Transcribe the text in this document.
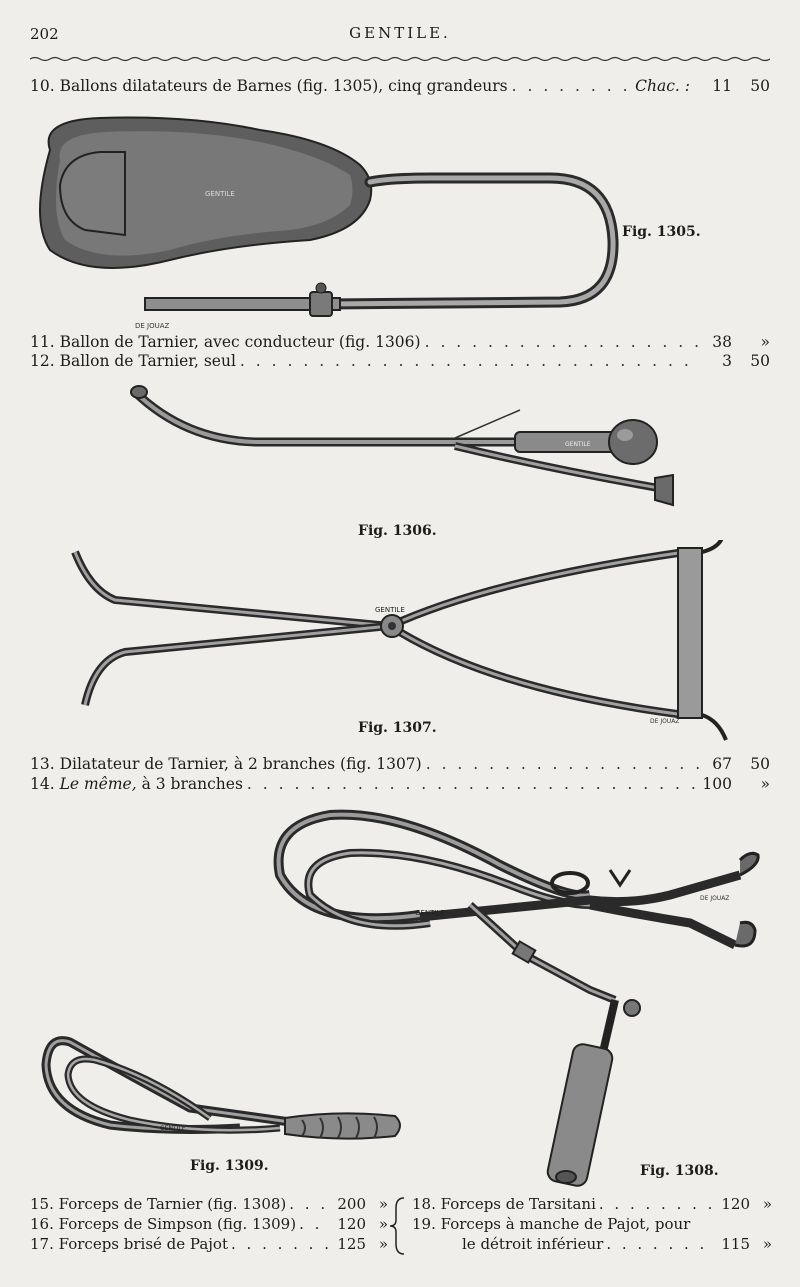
202	GENTILE.
10. Ballons dilatateurs de Barnes (fig. 1305), cinq grandeurs . . .	Chac. :	11	50
GENTILE
DE JOUAZ
Fig. 1305.
11. Ballon de Tarnier, avec conducteur (fig. 1306) . . .	38	»
12. Ballon de Tarnier, seul . . .	3	50
GENTILE
Fig. 1306.
GENTILE
DE JOUAZ
Fig. 1307.
13. Dilatateur de Tarnier, à 2 branches (fig. 1307) . . .	67	50
14. Le même, à 3 branches . . .	100	»
GENTILE
DE JOUAZ
Fig. 1308.
GENTILE
Fig. 1309.
15. Forceps de Tarnier (fig. 1308) . . .	200 »
16. Forceps de Simpson (fig. 1309) . . .	120 »
17. Forceps brisé de Pajot . . .	125 »
18. Forceps de Tarsitani . . .	120 »
19. Forceps à manche de Pajot, pour
le détroit inférieur . . .	115 »
